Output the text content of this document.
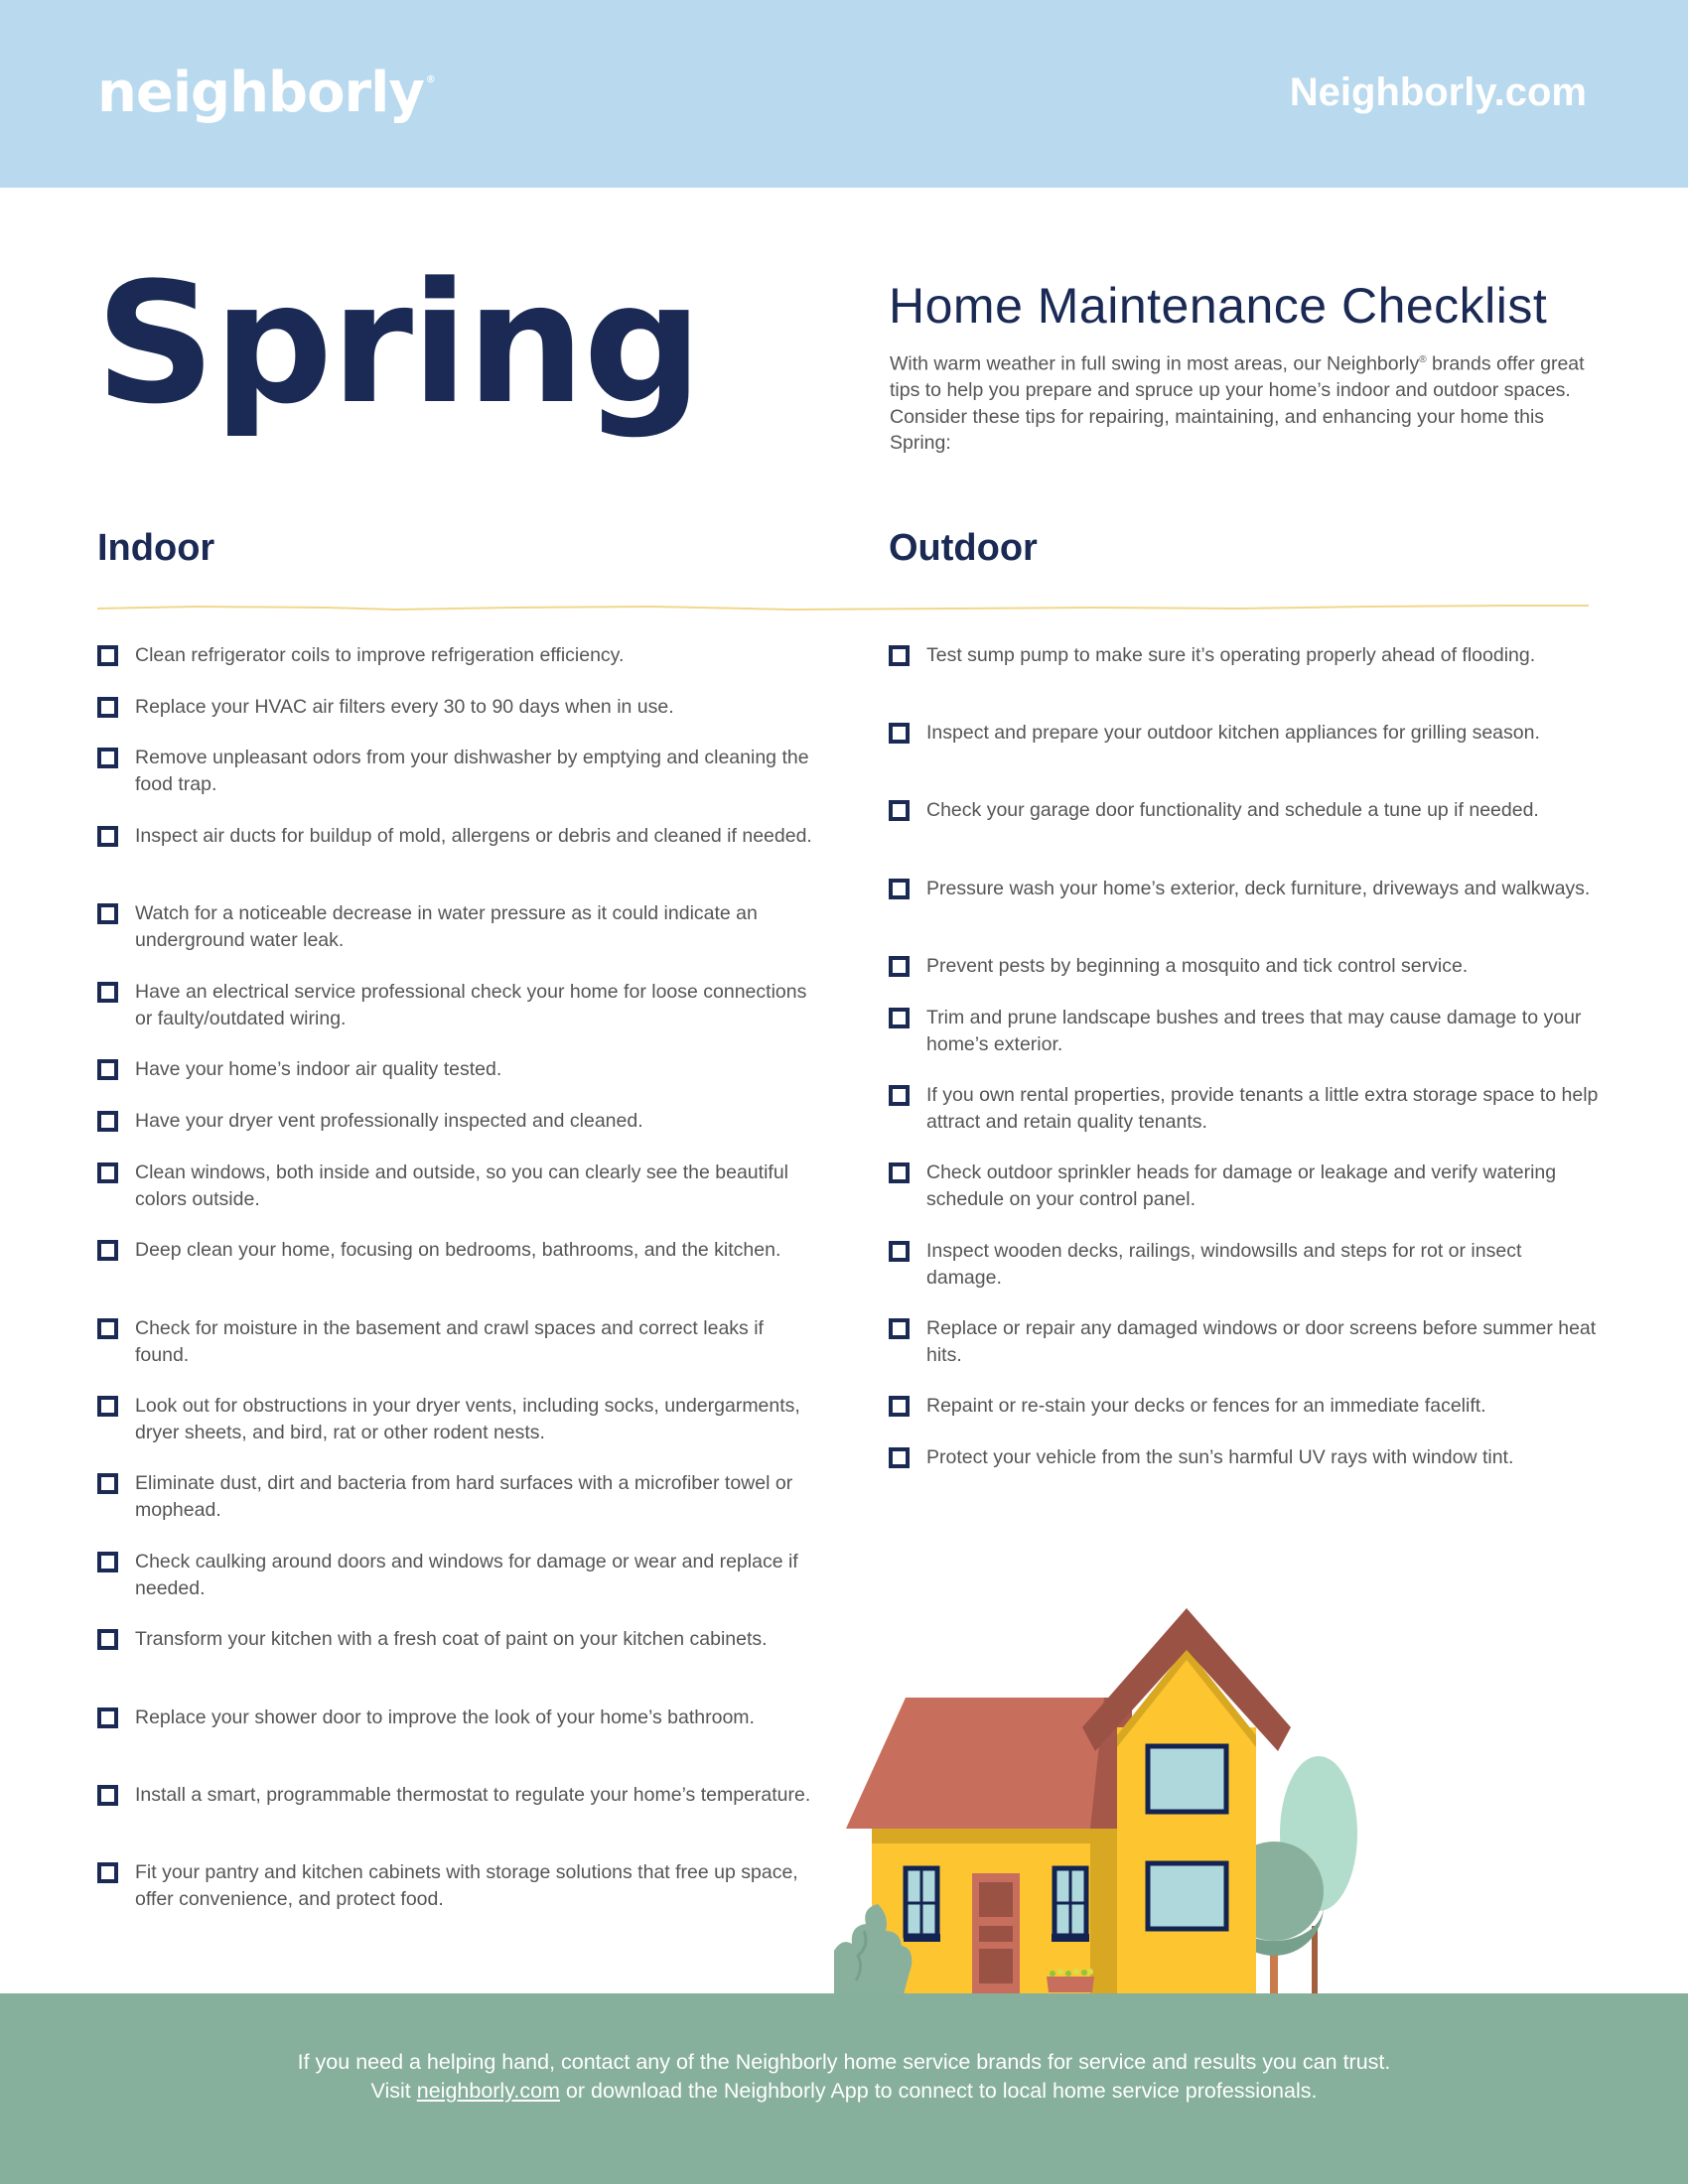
neighborly ®	Neighborly.com
Spring	Home Maintenance Checklist

With warm weather in full swing in most areas, our Neighborly® brands offer great tips to help you prepare and spruce up your home’s indoor and outdoor spaces. Consider these tips for repairing, maintaining, and enhancing your home this Spring:

Indoor	Outdoor
Clean refrigerator coils to improve refrigeration efficiency.
Replace your HVAC air filters every 30 to 90 days when in use.
Remove unpleasant odors from your dishwasher by emptying and cleaning the food trap.
Inspect air ducts for buildup of mold, allergens or debris and cleaned if needed.
Watch for a noticeable decrease in water pressure as it could indicate an underground water leak.
Have an electrical service professional check your home for loose connections or faulty/outdated wiring.
Have your home’s indoor air quality tested.
Have your dryer vent professionally inspected and cleaned.
Clean windows, both inside and outside, so you can clearly see the beautiful colors outside.
Deep clean your home, focusing on bedrooms, bathrooms, and the kitchen.
Check for moisture in the basement and crawl spaces and correct leaks if found.
Look out for obstructions in your dryer vents, including socks, undergarments, dryer sheets, and bird, rat or other rodent nests.
Eliminate dust, dirt and bacteria from hard surfaces with a microfiber towel or mophead.
Check caulking around doors and windows for damage or wear and replace if needed.
Transform your kitchen with a fresh coat of paint on your kitchen cabinets.
Replace your shower door to improve the look of your home’s bathroom.
Install a smart, programmable thermostat to regulate your home’s temperature.
Fit your pantry and kitchen cabinets with storage solutions that free up space, offer convenience, and protect food.
Test sump pump to make sure it’s operating properly ahead of flooding.
Inspect and prepare your outdoor kitchen appliances for grilling season.
Check your garage door functionality and schedule a tune up if needed.
Pressure wash your home’s exterior, deck furniture, driveways and walkways.
Prevent pests by beginning a mosquito and tick control service.
Trim and prune landscape bushes and trees that may cause damage to your home’s exterior.
If you own rental properties, provide tenants a little extra storage space to help attract and retain quality tenants.
Check outdoor sprinkler heads for damage or leakage and verify watering schedule on your control panel.
Inspect wooden decks, railings, windowsills and steps for rot or insect damage.
Replace or repair any damaged windows or door screens before summer heat hits.
Repaint or re-stain your decks or fences for an immediate facelift.
Protect your vehicle from the sun’s harmful UV rays with window tint.
If you need a helping hand, contact any of the Neighborly home service brands for service and results you can trust.
Visit neighborly.com or download the Neighborly App to connect to local home service professionals.
